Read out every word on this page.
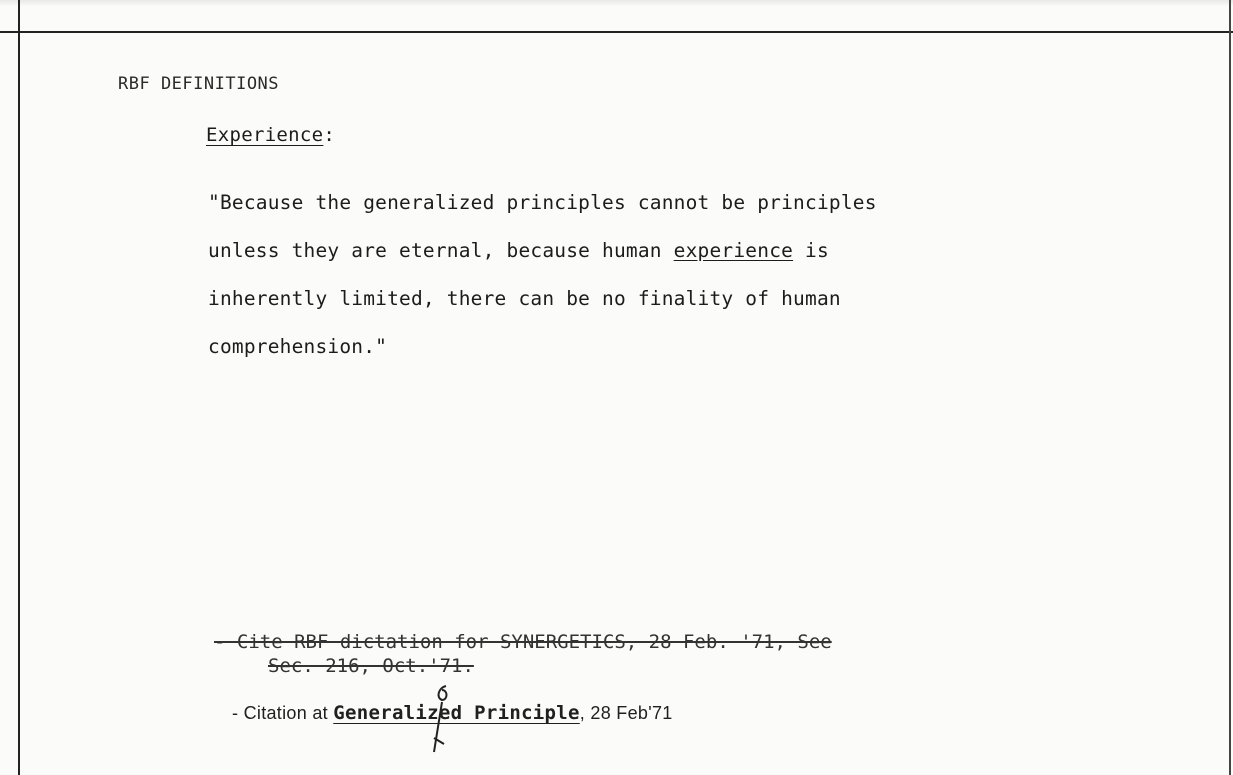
RBF DEFINITIONS
Experience:

"Because the generalized principles cannot be principles

unless they are eternal, because human experience is

inherently limited, there can be no finality of human

comprehension."

- Cite RBF dictation for SYNERGETICS, 28 Feb. '71, See
Sec. 216, Oct.'71.
- Citation at Generalized Principle, 28 Feb'71
